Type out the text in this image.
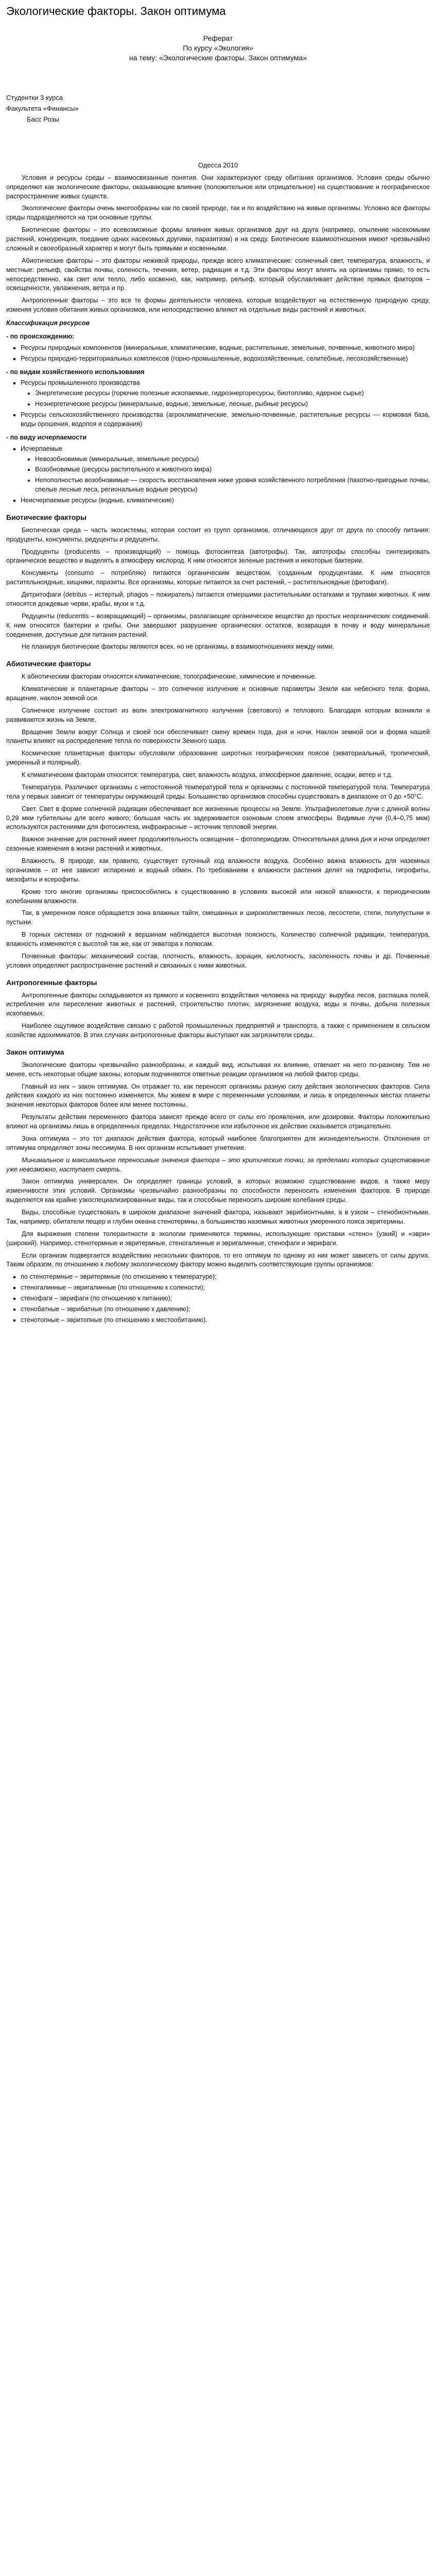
Экологические факторы. Закон оптимума
Реферат
По курсу «Экология»
на тему: «Экологические факторы. Закон оптимума»
Студентки 3 курса
Факультета «Финансы»
Басс Розы
Одесса 2010

Условия и ресурсы среды – взаимосвязанные понятия. Они характеризуют среду обитания организмов. Условия среды обычно определяют как экологические факторы, оказывающие влияние (положительное или отрицательное) на существование и географическое распространение живых существ.

Экологические факторы очень многообразны как по своей природе, так и по воздействию на живые организмы. Условно все факторы среды подразделяются на три основные группы.

Биотические факторы – это всевозможные формы влияния живых организмов друг на друга (например, опыление насекомыми растений, конкуренция, поедание одних насекомых другими, паразитизм) и на среду. Биотические взаимоотношения имеют чрезвычайно сложный и своеобразный характер и могут быть прямыми и косвенными.

Абиотические факторы – это факторы неживой природы, прежде всего климатические: солнечный свет, температура, влажность, и местные: рельеф, свойства почвы, соленость, течения, ветер, радиация и т.д. Эти факторы могут влиять на организмы прямо, то есть непосредственно, как свет или тепло, либо косвенно, как, например, рельеф, который обуславливает действие прямых факторов – освещенности, увлажнения, ветра и пр.

Антропогенные факторы – это все те формы деятельности человека, которые воздействуют на естественную природную среду, изменяя условия обитания живых организмов, или непосредственно влияют на отдельные виды растений и животных.

Классификация ресурсов

- по происхождению:

▪ Ресурсы природных компонентов (минеральные, климатические, водные, растительные, земельные, почвенные, животного мира)
▪ Ресурсы природно-территориальных комплексов (горно-промышленные, водохозяйственные, селитебные, лесохозяйственные)

- по видам хозяйственного использования

▪ Ресурсы промышленного производства
• Энергетические ресурсы (горючие полезные ископаемые, гидроэнергоресурсы, биотопливо, ядерное сырье)
• Неэнергетические ресурсы (минеральные, водные, земельные, лесные, рыбные ресурсы)
▪ Ресурсы сельскохозяйственного производства (агроклиматические, земельно-почвенные, растительные ресурсы — кормовая база, воды орошения, водопоя и содержания)

- по виду исчерпаемости

▪ Исчерпаемые
• Невозобновимые (минеральные, земельные ресурсы)
• Возобновимые (ресурсы растительного и животного мира)
• Непополностью возобновимые — скорость восстановления ниже уровня хозяйственного потребления (пахотно-пригодные почвы, спелые лесные леса, региональные водные ресурсы)
▪ Неисчерпаемые ресурсы (водные, климатические)
Биотические факторы

Биотическая среда – часть экосистемы, которая состоит из групп организмов, отличающихся друг от друга по способу питания: продуценты, консументы, редуценты и редуценты.

Продуценты (producentis – производящий) – помощь фотосинтеза (автотрофы). Так, автотрофы способны синтезировать органическое вещество и выделять в атмосферу кислород. К ним относятся зеленые растения и некоторые бактерии.

Консументы (consumo – потребляю) питаются органическим веществом, созданным продуцентами. К ним относятся растительноядные, хищники, паразиты. Все организмы, которые питаются за счет растений, – растительноядные (фитофаги).

Детритофаги (detritus – истертый, phagos – пожиратель) питаются отмершими растительными остатками и трупами животных. К ним относятся дождевые черви, крабы, мухи и т.д.

Редуценты (reducentis – возвращающий) – организмы, разлагающие органическое вещество до простых неорганических соединений. К ним относятся бактерии и грибы. Они завершают разрушение органических остатков, возвращая в почву и воду минеральные соединения, доступные для питания растений.

Не планируя биотические факторы являются всех, но не организмы, в взаимоотношениях между ними.

Абиотические факторы

К абиотическим факторам относятся климатические, топографические, химические и почвенные.

Климатические и планетарные факторы – это солнечное излучение и основные параметры Земли как небесного тела: форма, вращение, наклон земной оси.

Солнечное излучение состоит из волн электромагнитного излучения (светового) и теплового. Благодаря которым возникли и развиваются жизнь на Земле.

Вращение Земли вокруг Солнца и своей оси обеспечивает смену времен года, дня и ночи. Наклон земной оси и форма нашей планеты влияют на распределение тепла по поверхности Земного шара.

Космические планетарные факторы обусловили образование широтных географических поясов (экваториальный, тропический, умеренный и полярный).

К климатическим факторам относятся: температура, свет, влажность воздуха, атмосферное давление, осадки, ветер и т.д.

Температура. Различают организмы с непостоянной температурой тела и организмы с постоянной температурой тела. Температура тела у первых зависит от температуры окружающей среды. Большинство организмов способны существовать в диапазоне от 0 до +50°С.

Свет. Свет в форме солнечной радиации обеспечивает все жизненные процессы на Земле. Ультрафиолетовые лучи с длиной волны 0,29 мкм губительны для всего живого; большая часть их задерживается озоновым слоем атмосферы. Видимые лучи (0,4–0,75 мкм) используются растениями для фотосинтеза, инфракрасные – источник тепловой энергии.

Важное значение для растений имеет продолжительность освещения – фотопериодизм. Относительная длина дня и ночи определяет сезонные изменения в жизни растений и животных.

Влажность. В природе, как правило, существует суточный ход влажности воздуха. Особенно важна влажность для наземных организмов – от нее зависит испарение и водный обмен. По требованиям к влажности растения делят на гидрофиты, гигрофиты, мезофиты и ксерофиты.

Кроме того многие организмы приспособились к существованию в условиях высокой или низкой влажности, к периодическим колебаниям влажности.

Так, в умеренном поясе обращается зона влажных тайги, смешанных и широколиственных лесов, лесостепи, степи, полупустыни и пустыни.

В горных системах от подножий к вершинам наблюдается высотная поясность. Количество солнечной радиации, температура, влажность изменяются с высотой так же, как от экватора к полюсам.

Почвенные факторы: механический состав, плотность, влажность, аэрация, кислотность, засоленность почвы и др. Почвенные условия определяют распространение растений и связанных с ними животных.

Антропогенные факторы

Антропогенные факторы складываются из прямого и косвенного воздействия человека на природу: вырубка лесов, распашка полей, истребление или переселение животных и растений, строительство плотин, загрязнение воздуха, воды и почвы, добыча полезных ископаемых.

Наиболее ощутимое воздействие связано с работой промышленных предприятий и транспорта, а также с применением в сельском хозяйстве ядохимикатов. В этих случаях антропогенные факторы выступают как загрязнители среды.

Закон оптимума

Экологические факторы чрезвычайно разнообразны, и каждый вид, испытывая их влияние, отвечает на него по-разному. Тем не менее, есть некоторые общие законы, которым подчиняются ответные реакции организмов на любой фактор среды.

Главный из них – закон оптимума. Он отражает то, как переносят организмы разную силу действия экологических факторов. Сила действия каждого из них постоянно изменяется. Мы живем в мире с переменными условиями, и лишь в определенных местах планеты значения некоторых факторов более или менее постоянны.

Результаты действия переменного фактора зависят прежде всего от силы его проявления, или дозировки. Факторы положительно влияют на организмы лишь в определенных пределах. Недостаточное или избыточное их действие сказывается отрицательно.

Зона оптимума – это тот диапазон действия фактора, который наиболее благоприятен для жизнедеятельности. Отклонения от оптимума определяют зоны пессимума. В них организм испытывает угнетение.

Минимальное и максимальное переносимые значения фактора – это критические точки, за пределами которых существование уже невозможно, наступает смерть.

Закон оптимума универсален. Он определяет границы условий, в которых возможно существование видов, а также меру изменчивости этих условий. Организмы чрезвычайно разнообразны по способности переносить изменения факторов. В природе выделяются как крайне узкоспециализированные виды, так и способные переносить широкие колебания среды.

Виды, способные существовать в широком диапазоне значений фактора, называют эврибионтными, а в узком – стенобионтными. Так, например, обитатели пещер и глубин океана стенотермны, а большинство наземных животных умеренного пояса эвритермны.

Для выражения степени толерантности в экологии применяются термины, использующие приставки «стено» (узкий) и «эври» (широкий). Например, стенотермные и эвритермные, стеногалинные и эвригалинные, стенофаги и эврифаги.

Если организм подвергается воздействию нескольких факторов, то его оптимум по одному из них может зависеть от силы других. Таким образом, по отношению к любому экологическому фактору можно выделить соответствующие группы организмов:

▪ по стенотермные – эвритермные (по отношению к температуре);
▪ стеногалинные – эвригалинные (по отношению к солености);
▪ стенофаги – эврифаги (по отношению к питанию);
▪ стенобатные – эврибатные (по отношению к давлению);
▪ стенотопные – эвритопные (по отношению к местообитанию).
